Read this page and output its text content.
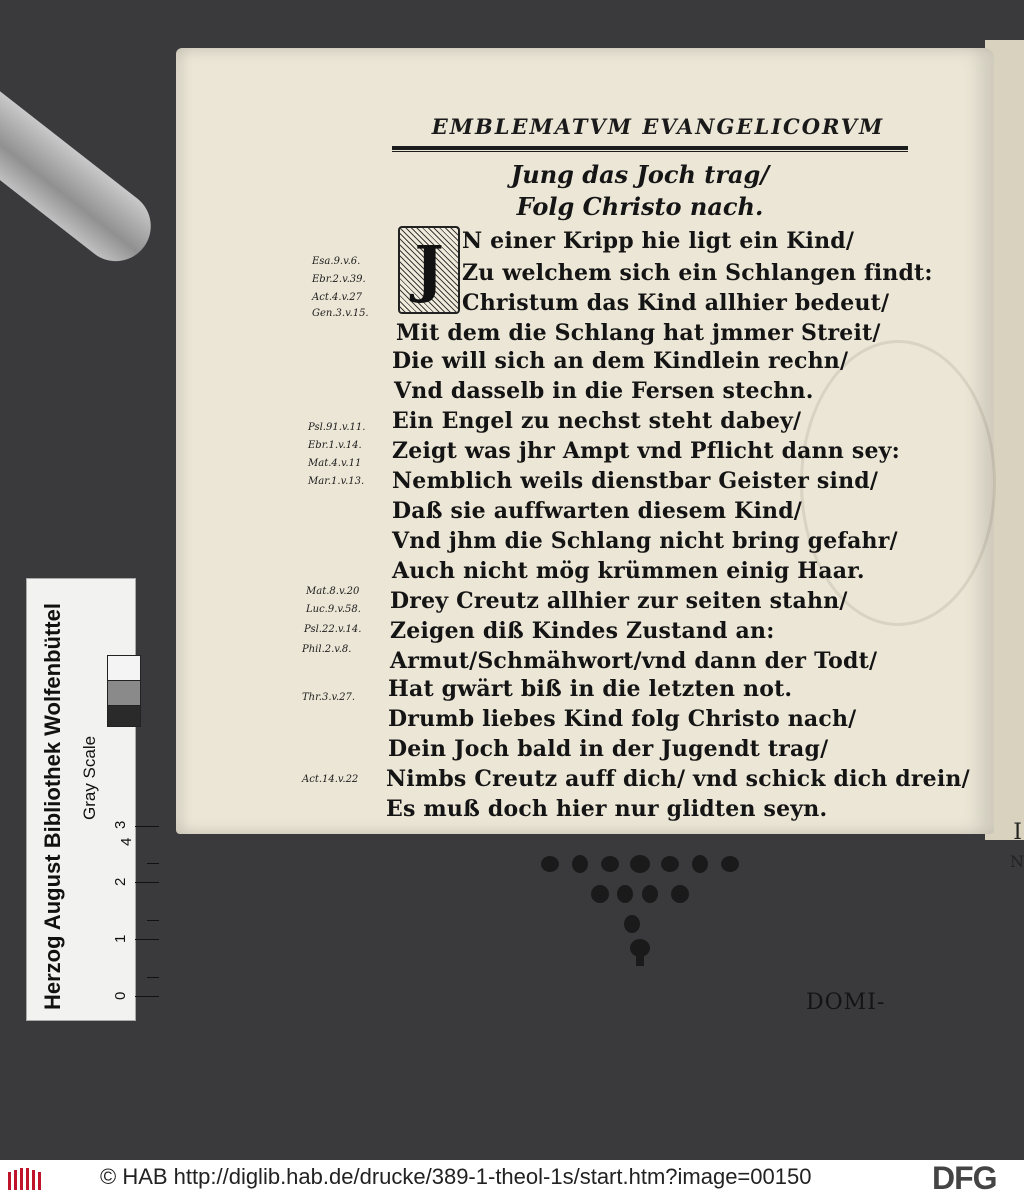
I
N
EMBLEMATVM EVANGELICORVM
Jung das Joch trag/
Folg Christo nach.
J N einer Kripp hie ligt ein Kind/
Zu welchem sich ein Schlangen findt:
Christum das Kind allhier bedeut/
Mit dem die Schlang hat jmmer Streit/
Die will sich an dem Kindlein rechn/
Vnd dasselb in die Fersen stechn.
Ein Engel zu nechst steht dabey/
Zeigt was jhr Ampt vnd Pflicht dann sey:
Nemblich weils dienstbar Geister sind/
Daß sie auffwarten diesem Kind/
Vnd jhm die Schlang nicht bring gefahr/
Auch nicht mög krümmen einig Haar.
Drey Creutz allhier zur seiten stahn/
Zeigen diß Kindes Zustand an:
Armut/Schmähwort/vnd dann der Todt/
Hat gwärt biß in die letzten not.
Drumb liebes Kind folg Christo nach/
Dein Joch bald in der Jugendt trag/
Nimbs Creutz auff dich/ vnd schick dich drein/
Es muß doch hier nur glidten seyn.
Esa.9.v.6.
Ebr.2.v.39.
Act.4.v.27
Gen.3.v.15.
Psl.91.v.11.
Ebr.1.v.14.
Mat.4.v.11
Mar.1.v.13.
Mat.8.v.20
Luc.9.v.58.
Psl.22.v.14.
Phil.2.v.8.
Thr.3.v.27.
Act.14.v.22
DOMI-
Herzog August Bibliothek Wolfenbüttel Gray Scale
0
1
2
3
4
© HAB http://diglib.hab.de/drucke/389-1-theol-1s/start.htm?image=00150	DFG
